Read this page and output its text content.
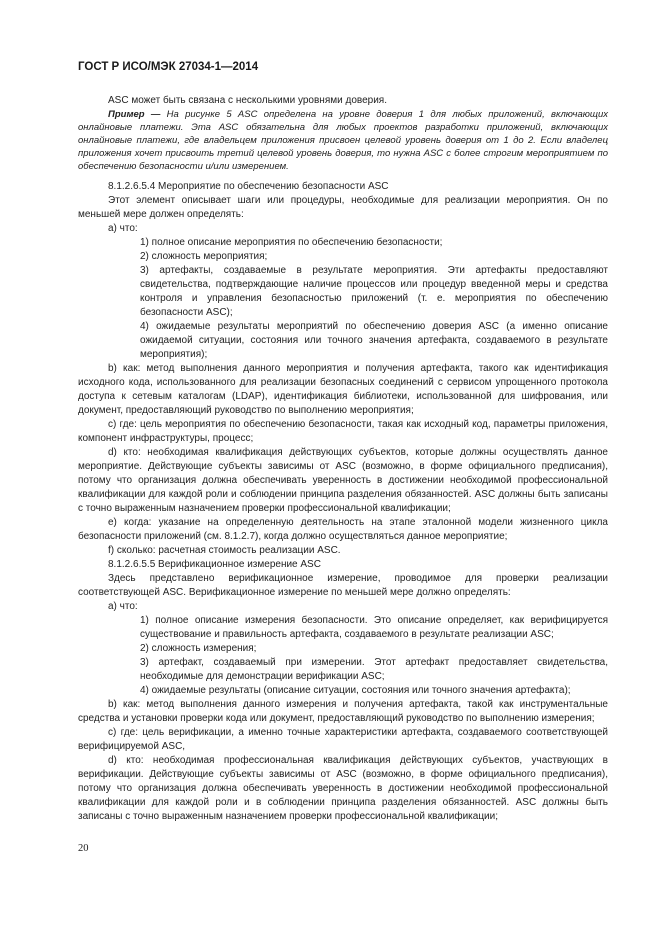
ГОСТ Р ИСО/МЭК 27034-1—2014

ASC может быть связана с несколькими уровнями доверия.

Пример — На рисунке 5 ASC определена на уровне доверия 1 для любых приложений, включающих онлайновые платежи. Эта ASC обязательна для любых проектов разработки приложений, включающих онлайновые платежи, где владельцем приложения присвоен целевой уровень доверия от 1 до 2. Если владелец приложения хочет присвоить третий целевой уровень доверия, то нужна ASC с более строгим мероприятием по обеспечению безопасности и/или измерением.

8.1.2.6.5.4 Мероприятие по обеспечению безопасности ASC

Этот элемент описывает шаги или процедуры, необходимые для реализации мероприятия. Он по меньшей мере должен определять:

a) что:

1) полное описание мероприятия по обеспечению безопасности;

2) сложность мероприятия;

3) артефакты, создаваемые в результате мероприятия. Эти артефакты предоставляют свидетельства, подтверждающие наличие процессов или процедур введенной меры и средства контроля и управления безопасностью приложений (т. е. мероприятия по обеспечению безопасности ASC);

4) ожидаемые результаты мероприятий по обеспечению доверия ASC (а именно описание ожидаемой ситуации, состояния или точного значения артефакта, создаваемого в результате мероприятия);

b) как: метод выполнения данного мероприятия и получения артефакта, такого как идентификация исходного кода, использованного для реализации безопасных соединений с сервисом упрощенного протокола доступа к сетевым каталогам (LDAP), идентификация библиотеки, использованной для шифрования, или документ, предоставляющий руководство по выполнению мероприятия;

c) где: цель мероприятия по обеспечению безопасности, такая как исходный код, параметры приложения, компонент инфраструктуры, процесс;

d) кто: необходимая квалификация действующих субъектов, которые должны осуществлять данное мероприятие. Действующие субъекты зависимы от ASC (возможно, в форме официального предписания), потому что организация должна обеспечивать уверенность в достижении необходимой профессиональной квалификации для каждой роли и соблюдении принципа разделения обязанностей. ASC должны быть записаны с точно выраженным назначением проверки профессиональной квалификации;

e) когда: указание на определенную деятельность на этапе эталонной модели жизненного цикла безопасности приложений (см. 8.1.2.7), когда должно осуществляться данное мероприятие;

f) сколько: расчетная стоимость реализации ASC.

8.1.2.6.5.5 Верификационное измерение ASC

Здесь представлено верификационное измерение, проводимое для проверки реализации соответствующей ASC. Верификационное измерение по меньшей мере должно определять:

a) что:

1) полное описание измерения безопасности. Это описание определяет, как верифицируется существование и правильность артефакта, создаваемого в результате реализации ASC;

2) сложность измерения;

3) артефакт, создаваемый при измерении. Этот артефакт предоставляет свидетельства, необходимые для демонстрации верификации ASC;

4) ожидаемые результаты (описание ситуации, состояния или точного значения артефакта);

b) как: метод выполнения данного измерения и получения артефакта, такой как инструментальные средства и установки проверки кода или документ, предоставляющий руководство по выполнению измерения;

c) где: цель верификации, а именно точные характеристики артефакта, создаваемого соответствующей верифицируемой ASC,

d) кто: необходимая профессиональная квалификация действующих субъектов, участвующих в верификации. Действующие субъекты зависимы от ASC (возможно, в форме официального предписания), потому что организация должна обеспечивать уверенность в достижении необходимой профессиональной квалификации для каждой роли и в соблюдении принципа разделения обязанностей. ASC должны быть записаны с точно выраженным назначением проверки профессиональной квалификации;

20
